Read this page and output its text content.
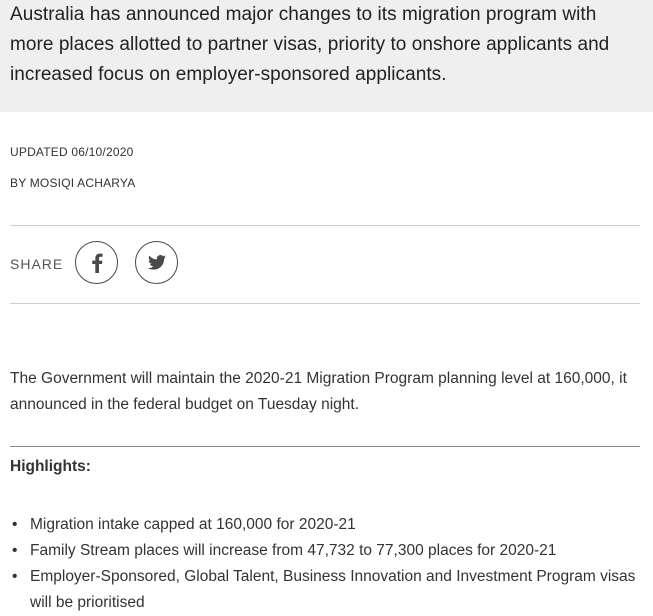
Australia has announced major changes to its migration program with more places allotted to partner visas, priority to onshore applicants and increased focus on employer-sponsored applicants.

UPDATED 06/10/2020

BY MOSIQI ACHARYA

SHARE

The Government will maintain the 2020-21 Migration Program planning level at 160,000, it announced in the federal budget on Tuesday night.

Highlights:

• Migration intake capped at 160,000 for 2020-21
• Family Stream places will increase from 47,732 to 77,300 places for 2020-21
• Employer-Sponsored, Global Talent, Business Innovation and Investment Program visas will be prioritised
